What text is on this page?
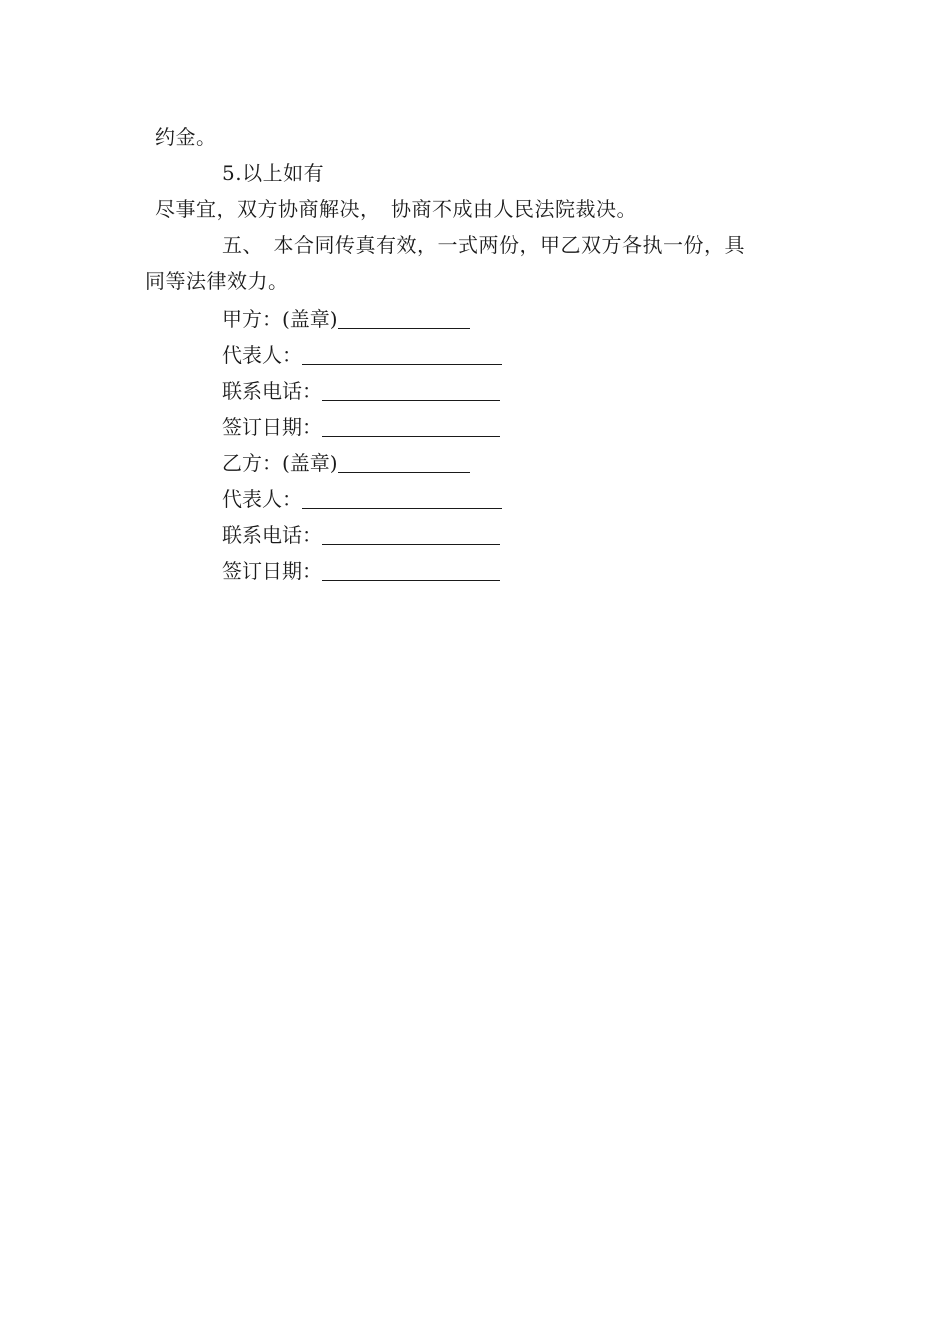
约金。
5.以上如有
尽事宜，双方协商解决，　协商不成由人民法院裁决。
五、　本合同传真有效，一式两份，甲乙双方各执一份，具
同等法律效力。
甲方：(盖章)
代表人：
联系电话：
签订日期：
乙方：(盖章)
代表人：
联系电话：
签订日期：
